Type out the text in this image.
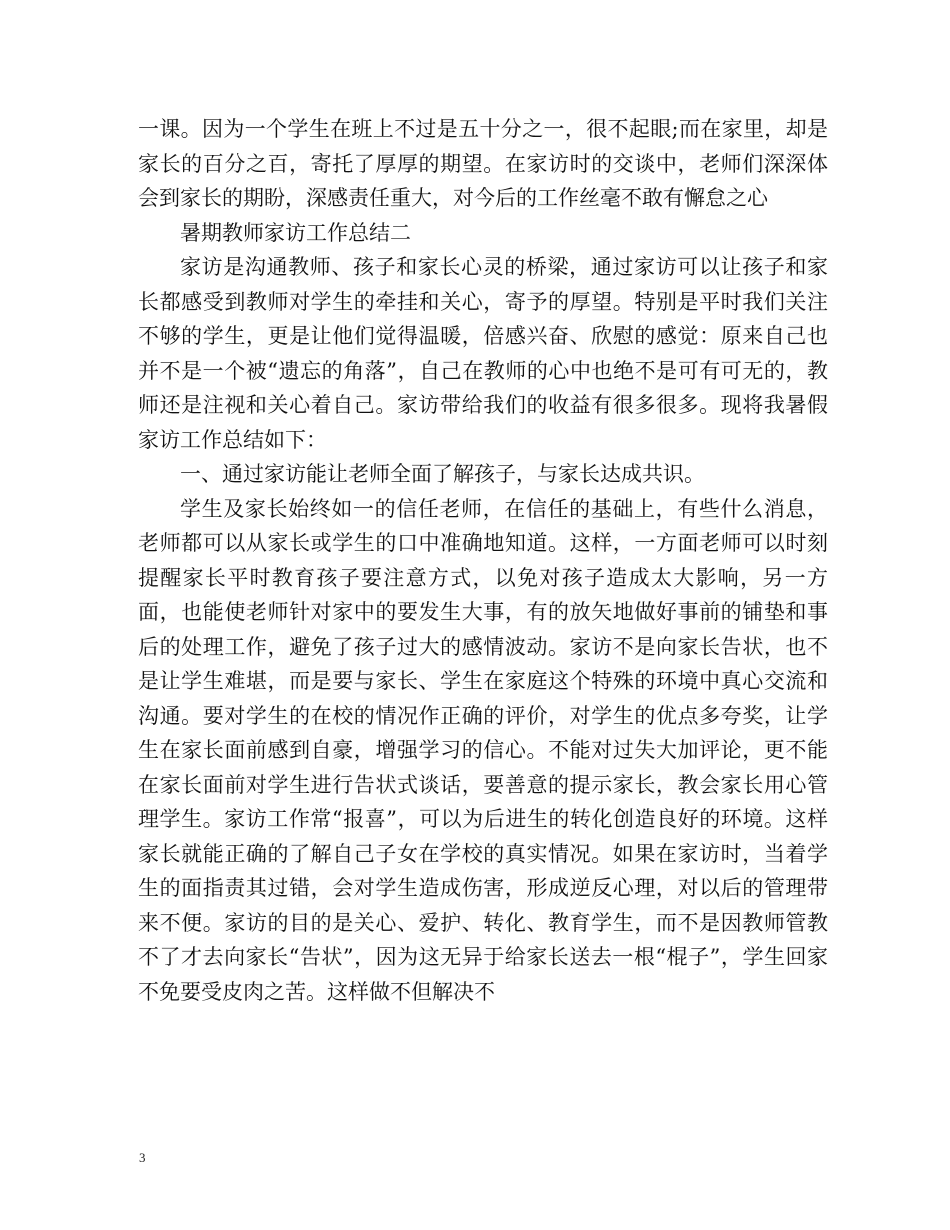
一课。因为一个学生在班上不过是五十分之一，很不起眼;而在家里，却是家长的百分之百，寄托了厚厚的期望。在家访时的交谈中，老师们深深体会到家长的期盼，深感责任重大，对今后的工作丝毫不敢有懈怠之心

暑期教师家访工作总结二

家访是沟通教师、孩子和家长心灵的桥梁，通过家访可以让孩子和家长都感受到教师对学生的牵挂和关心，寄予的厚望。特别是平时我们关注不够的学生，更是让他们觉得温暖，倍感兴奋、欣慰的感觉：原来自己也并不是一个被“遗忘的角落”，自己在教师的心中也绝不是可有可无的，教师还是注视和关心着自己。家访带给我们的收益有很多很多。现将我暑假家访工作总结如下：

一、通过家访能让老师全面了解孩子，与家长达成共识。

学生及家长始终如一的信任老师，在信任的基础上，有些什么消息，老师都可以从家长或学生的口中准确地知道。这样，一方面老师可以时刻提醒家长平时教育孩子要注意方式，以免对孩子造成太大影响，另一方面，也能使老师针对家中的要发生大事，有的放矢地做好事前的铺垫和事后的处理工作，避免了孩子过大的感情波动。家访不是向家长告状，也不是让学生难堪，而是要与家长、学生在家庭这个特殊的环境中真心交流和沟通。要对学生的在校的情况作正确的评价，对学生的优点多夸奖，让学生在家长面前感到自豪，增强学习的信心。不能对过失大加评论，更不能在家长面前对学生进行告状式谈话，要善意的提示家长，教会家长用心管理学生。家访工作常“报喜”，可以为后进生的转化创造良好的环境。这样家长就能正确的了解自己子女在学校的真实情况。如果在家访时，当着学生的面指责其过错，会对学生造成伤害，形成逆反心理，对以后的管理带来不便。家访的目的是关心、爱护、转化、教育学生，而不是因教师管教不了才去向家长“告状”，因为这无异于给家长送去一根“棍子”，学生回家不免要受皮肉之苦。这样做不但解决不

3
